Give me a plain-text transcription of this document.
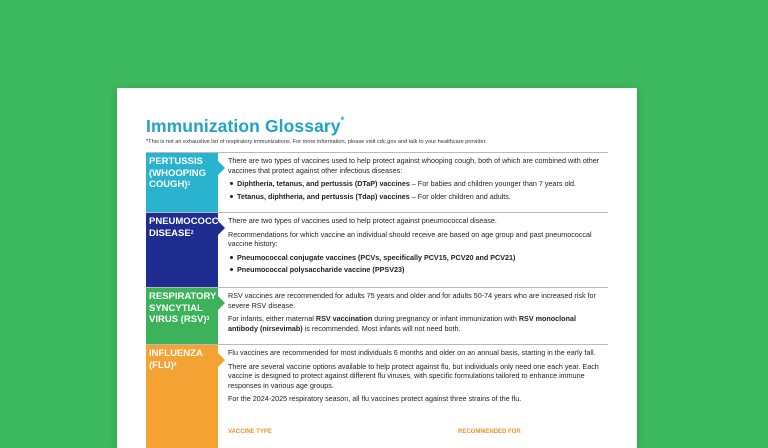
Immunization Glossary*
*This is not an exhaustive list of respiratory immunizations. For more information, please visit cdc.gov and talk to your healthcare provider.
PERTUSSIS (WHOOPING COUGH)$^1$

There are two types of vaccines used to help protect against whooping cough, both of which are combined with other vaccines that protect against other infectious diseases:

Diphtheria, tetanus, and pertussis (DTaP) vaccines – For babies and children younger than 7 years old.
Tetanus, diphtheria, and pertussis (Tdap) vaccines – For older children and adults.
PNEUMOCOCCAL DISEASE$^2$

There are two types of vaccines used to help protect against pneumococcal disease.

Recommendations for which vaccine an individual should receive are based on age group and past pneumococcal vaccine history:

Pneumococcal conjugate vaccines (PCVs, specifically PCV15, PCV20 and PCV21)
Pneumococcal polysaccharide vaccine (PPSV23)
RESPIRATORY SYNCYTIAL VIRUS (RSV)$^3$

RSV vaccines are recommended for adults 75 years and older and for adults 50-74 years who are increased risk for severe RSV disease.

For infants, either maternal RSV vaccination during pregnancy or infant immunization with RSV monoclonal antibody (nirsevimab) is recommended. Most infants will not need both.

INFLUENZA (FLU)$^4$

Flu vaccines are recommended for most individuals 6 months and older on an annual basis, starting in the early fall.

There are several vaccine options available to help protect against flu, but individuals only need one each year. Each vaccine is designed to protect against different flu viruses, with specific formulations tailored to enhance immune responses in various age groups.

For the 2024-2025 respiratory season, all flu vaccines protect against three strains of the flu.

VACCINE TYPE	RECOMMENDED FOR
